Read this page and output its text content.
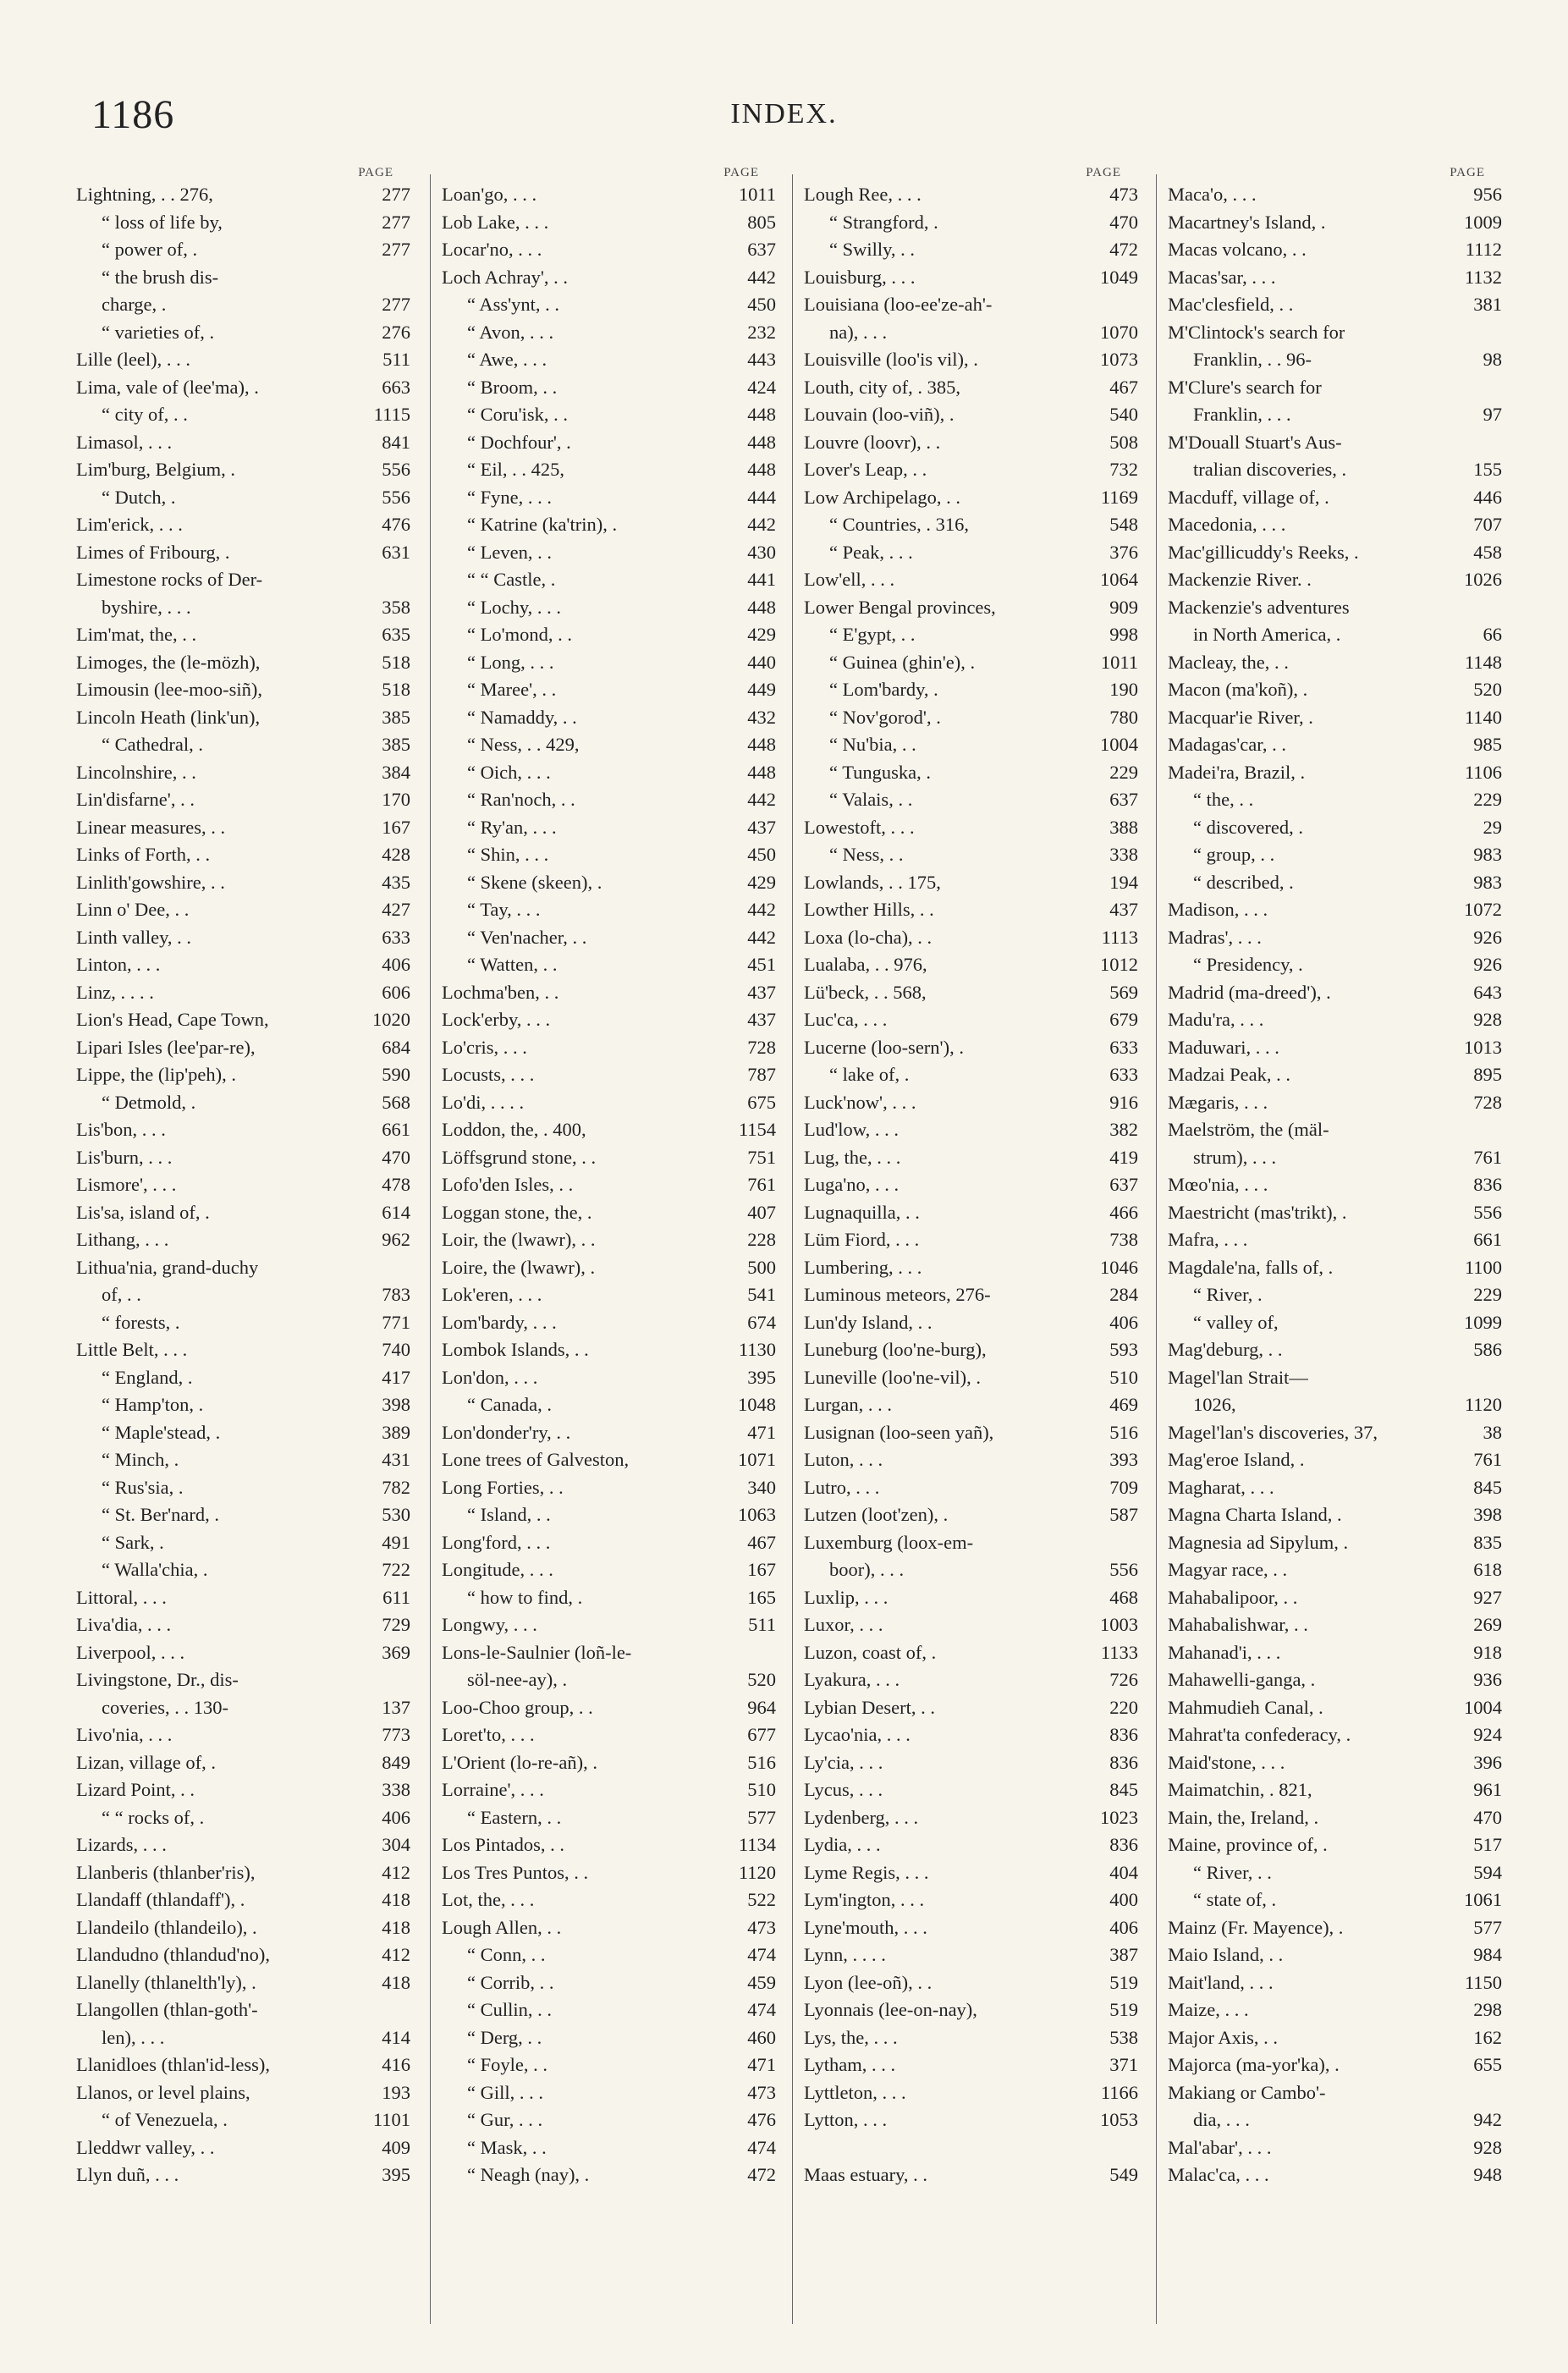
1186	INDEX.
PAGE
Lightning, . . 276,	277
“ loss of life by,	277
“ power of, .	277
“ the brush dis-
charge, .	277
“ varieties of, .	276
Lille (leel), . . .	511
Lima, vale of (lee'ma), .	663
“ city of, . .	1115
Limasol, . . .	841
Lim'burg, Belgium, .	556
“ Dutch, .	556
Lim'erick, . . .	476
Limes of Fribourg, .	631
Limestone rocks of Der-
byshire, . . .	358
Lim'mat, the, . .	635
Limoges, the (le-mözh),	518
Limousin (lee-moo-siñ),	518
Lincoln Heath (link'un),	385
“ Cathedral, .	385
Lincolnshire, . .	384
Lin'disfarne', . .	170
Linear measures, . .	167
Links of Forth, . .	428
Linlith'gowshire, . .	435
Linn o' Dee, . .	427
Linth valley, . .	633
Linton, . . .	406
Linz, . . . .	606
Lion's Head, Cape Town,	1020
Lipari Isles (lee'par-re),	684
Lippe, the (lip'peh), .	590
“ Detmold, .	568
Lis'bon, . . .	661
Lis'burn, . . .	470
Lismore', . . .	478
Lis'sa, island of, .	614
Lithang, . . .	962
Lithua'nia, grand-duchy
of, . .	783
“ forests, .	771
Little Belt, . . .	740
“ England, .	417
“ Hamp'ton, .	398
“ Maple'stead, .	389
“ Minch, .	431
“ Rus'sia, .	782
“ St. Ber'nard, .	530
“ Sark, .	491
“ Walla'chia, .	722
Littoral, . . .	611
Liva'dia, . . .	729
Liverpool, . . .	369
Livingstone, Dr., dis-
coveries, . . 130-	137
Livo'nia, . . .	773
Lizan, village of, .	849
Lizard Point, . .	338
“ “ rocks of, .	406
Lizards, . . .	304
Llanberis (thlanber'ris),	412
Llandaff (thlandaff'), .	418
Llandeilo (thlandeilo), .	418
Llandudno (thlandud'no),	412
Llanelly (thlanelth'ly), .	418
Llangollen (thlan-goth'-
len), . . .	414
Llanidloes (thlan'id-less),	416
Llanos, or level plains,	193
“ of Venezuela, .	1101
Lleddwr valley, . .	409
Llyn duñ, . . .	395
PAGE
Loan'go, . . .	1011
Lob Lake, . . .	805
Locar'no, . . .	637
Loch Achray', . .	442
“ Ass'ynt, . .	450
“ Avon, . . .	232
“ Awe, . . .	443
“ Broom, . .	424
“ Coru'isk, . .	448
“ Dochfour', .	448
“ Eil, . . 425,	448
“ Fyne, . . .	444
“ Katrine (ka'trin), .	442
“ Leven, . .	430
“ “ Castle, .	441
“ Lochy, . . .	448
“ Lo'mond, . .	429
“ Long, . . .	440
“ Maree', . .	449
“ Namaddy, . .	432
“ Ness, . . 429,	448
“ Oich, . . .	448
“ Ran'noch, . .	442
“ Ry'an, . . .	437
“ Shin, . . .	450
“ Skene (skeen), .	429
“ Tay, . . .	442
“ Ven'nacher, . .	442
“ Watten, . .	451
Lochma'ben, . .	437
Lock'erby, . . .	437
Lo'cris, . . .	728
Locusts, . . .	787
Lo'di, . . . .	675
Loddon, the, . 400,	1154
Löffsgrund stone, . .	751
Lofo'den Isles, . .	761
Loggan stone, the, .	407
Loir, the (lwawr), . .	228
Loire, the (lwawr), .	500
Lok'eren, . . .	541
Lom'bardy, . . .	674
Lombok Islands, . .	1130
Lon'don, . . .	395
“ Canada, .	1048
Lon'donder'ry, . .	471
Lone trees of Galveston,	1071
Long Forties, . .	340
“ Island, . .	1063
Long'ford, . . .	467
Longitude, . . .	167
“ how to find, .	165
Longwy, . . .	511
Lons-le-Saulnier (loñ-le-
söl-nee-ay), .	520
Loo-Choo group, . .	964
Loret'to, . . .	677
L'Orient (lo-re-añ), .	516
Lorraine', . . .	510
“ Eastern, . .	577
Los Pintados, . .	1134
Los Tres Puntos, . .	1120
Lot, the, . . .	522
Lough Allen, . .	473
“ Conn, . .	474
“ Corrib, . .	459
“ Cullin, . .	474
“ Derg, . .	460
“ Foyle, . .	471
“ Gill, . . .	473
“ Gur, . . .	476
“ Mask, . .	474
“ Neagh (nay), .	472
PAGE
Lough Ree, . . .	473
“ Strangford, .	470
“ Swilly, . .	472
Louisburg, . . .	1049
Louisiana (loo-ee'ze-ah'-
na), . . .	1070
Louisville (loo'is vil), .	1073
Louth, city of, . 385,	467
Louvain (loo-viñ), .	540
Louvre (loovr), . .	508
Lover's Leap, . .	732
Low Archipelago, . .	1169
“ Countries, . 316,	548
“ Peak, . . .	376
Low'ell, . . .	1064
Lower Bengal provinces,	909
“ E'gypt, . .	998
“ Guinea (ghin'e), .	1011
“ Lom'bardy, .	190
“ Nov'gorod', .	780
“ Nu'bia, . .	1004
“ Tunguska, .	229
“ Valais, . .	637
Lowestoft, . . .	388
“ Ness, . .	338
Lowlands, . . 175,	194
Lowther Hills, . .	437
Loxa (lo-cha), . .	1113
Lualaba, . . 976,	1012
Lü'beck, . . 568,	569
Luc'ca, . . .	679
Lucerne (loo-sern'), .	633
“ lake of, .	633
Luck'now', . . .	916
Lud'low, . . .	382
Lug, the, . . .	419
Luga'no, . . .	637
Lugnaquilla, . .	466
Lüm Fiord, . . .	738
Lumbering, . . .	1046
Luminous meteors, 276-	284
Lun'dy Island, . .	406
Luneburg (loo'ne-burg),	593
Luneville (loo'ne-vil), .	510
Lurgan, . . .	469
Lusignan (loo-seen yañ),	516
Luton, . . .	393
Lutro, . . .	709
Lutzen (loot'zen), .	587
Luxemburg (loox-em-
boor), . . .	556
Luxlip, . . .	468
Luxor, . . .	1003
Luzon, coast of, .	1133
Lyakura, . . .	726
Lybian Desert, . .	220
Lycao'nia, . . .	836
Ly'cia, . . .	836
Lycus, . . .	845
Lydenberg, . . .	1023
Lydia, . . .	836
Lyme Regis, . . .	404
Lym'ington, . . .	400
Lyne'mouth, . . .	406
Lynn, . . . .	387
Lyon (lee-oñ), . .	519
Lyonnais (lee-on-nay),	519
Lys, the, . . .	538
Lytham, . . .	371
Lyttleton, . . .	1166
Lytton, . . .	1053
Maas estuary, . .	549
PAGE
Maca'o, . . .	956
Macartney's Island, .	1009
Macas volcano, . .	1112
Macas'sar, . . .	1132
Mac'clesfield, . .	381
M'Clintock's search for
Franklin, . . 96-	98
M'Clure's search for
Franklin, . . .	97
M'Douall Stuart's Aus-
tralian discoveries, .	155
Macduff, village of, .	446
Macedonia, . . .	707
Mac'gillicuddy's Reeks, .	458
Mackenzie River. .	1026
Mackenzie's adventures
in North America, .	66
Macleay, the, . .	1148
Macon (ma'koñ), .	520
Macquar'ie River, .	1140
Madagas'car, . .	985
Madei'ra, Brazil, .	1106
“ the, . .	229
“ discovered, .	29
“ group, . .	983
“ described, .	983
Madison, . . .	1072
Madras', . . .	926
“ Presidency, .	926
Madrid (ma-dreed'), .	643
Madu'ra, . . .	928
Maduwari, . . .	1013
Madzai Peak, . .	895
Mægaris, . . .	728
Maelström, the (mäl-
strum), . . .	761
Mœo'nia, . . .	836
Maestricht (mas'trikt), .	556
Mafra, . . .	661
Magdale'na, falls of, .	1100
“ River, .	229
“ valley of,	1099
Mag'deburg, . .	586
Magel'lan Strait—
1026,	1120
Magel'lan's discoveries, 37,	38
Mag'eroe Island, .	761
Magharat, . . .	845
Magna Charta Island, .	398
Magnesia ad Sipylum, .	835
Magyar race, . .	618
Mahabalipoor, . .	927
Mahabalishwar, . .	269
Mahanad'i, . . .	918
Mahawelli-ganga, .	936
Mahmudieh Canal, .	1004
Mahrat'ta confederacy, .	924
Maid'stone, . . .	396
Maimatchin, . 821,	961
Main, the, Ireland, .	470
Maine, province of, .	517
“ River, . .	594
“ state of, .	1061
Mainz (Fr. Mayence), .	577
Maio Island, . .	984
Mait'land, . . .	1150
Maize, . . .	298
Major Axis, . .	162
Majorca (ma-yor'ka), .	655
Makiang or Cambo'-
dia, . . .	942
Mal'abar', . . .	928
Malac'ca, . . .	948
